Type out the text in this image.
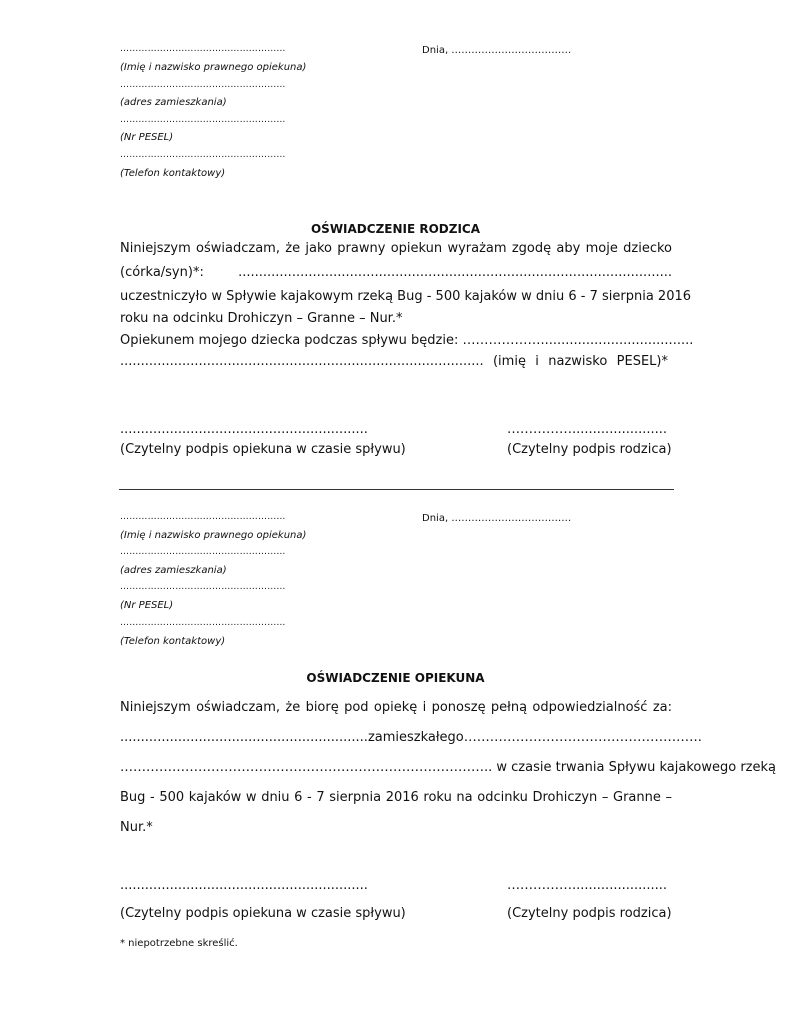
………………………………………………
(Imię i nazwisko prawnego opiekuna)
………………………………………………
(adres zamieszkania)
………………………………………………
(Nr PESEL)
………………………………………………
(Telefon kontaktowy)
Dnia, ………………………………
OŚWIADCZENIE RODZICA
Niniejszym oświadczam, że jako prawny opiekun wyrażam zgodę aby moje dziecko
(córka/syn)*: .........................................................................................................
uczestniczyło w Spływie kajakowym rzeką Bug - 500 kajaków w dniu 6 - 7 sierpnia 2016
roku na odcinku Drohiczyn – Granne – Nur.*
Opiekunem mojego dziecka podczas spływu będzie: ……………….....................................
........................................................................................ (imię i nazwisko PESEL)*
............................................................
(Czytelny podpis opiekuna w czasie spływu)
…………….......................
(Czytelny podpis rodzica)
………………………………………………
(Imię i nazwisko prawnego opiekuna)
………………………………………………
(adres zamieszkania)
………………………………………………
(Nr PESEL)
………………………………………………
(Telefon kontaktowy)
Dnia, ………………………………
OŚWIADCZENIE OPIEKUNA
Niniejszym oświadczam, że biorę pod opiekę i ponoszę pełną odpowiedzialność za:
............................................................zamieszkałego……………………………………………….
………………………………………………………………………….. w czasie trwania Spływu kajakowego rzeką
Bug - 500 kajaków w dniu 6 - 7 sierpnia 2016 roku na odcinku Drohiczyn – Granne –
Nur.*
............................................................
(Czytelny podpis opiekuna w czasie spływu)
…………….......................
(Czytelny podpis rodzica)
* niepotrzebne skreślić.
